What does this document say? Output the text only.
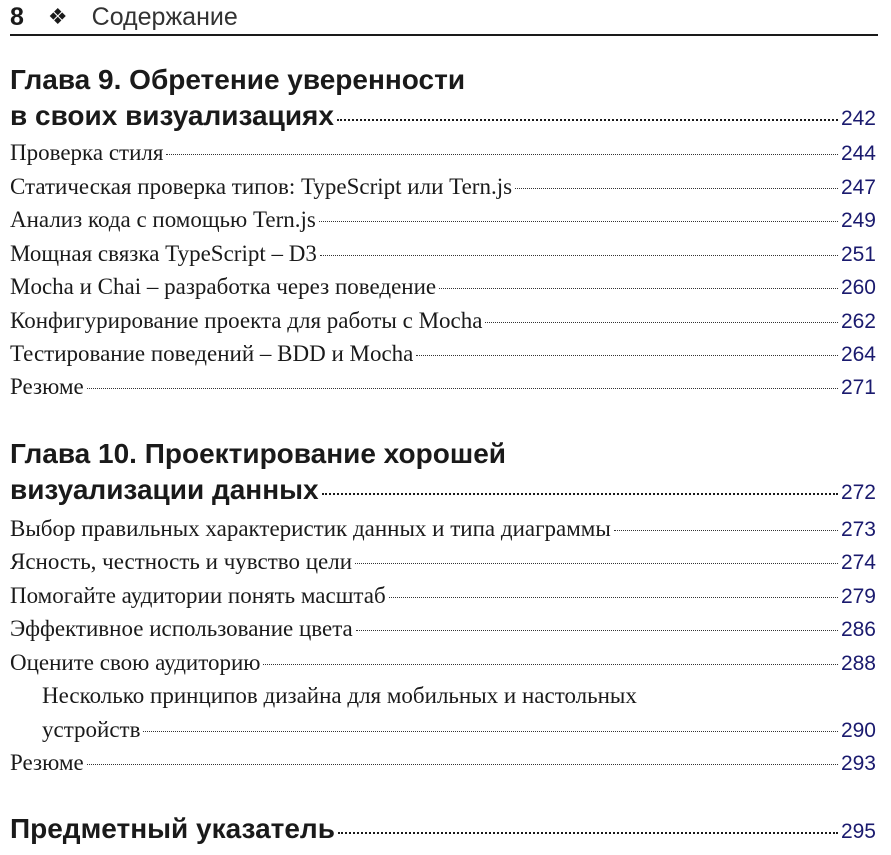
8 ❖ Содержание
Глава 9. Обретение уверенности
в своих визуализациях	242
Проверка стиля	244
Статическая проверка типов: TypeScript или Tern.js	247
Анализ кода с помощью Tern.js	249
Мощная связка TypeScript – D3	251
Mocha и Chai – разработка через поведение	260
Конфигурирование проекта для работы с Mocha	262
Тестирование поведений – BDD и Mocha	264
Резюме	271
Глава 10. Проектирование хорошей
визуализации данных	272
Выбор правильных характеристик данных и типа диаграммы	273
Ясность, честность и чувство цели	274
Помогайте аудитории понять масштаб	279
Эффективное использование цвета	286
Оцените свою аудиторию	288
Несколько принципов дизайна для мобильных и настольных
устройств	290
Резюме	293
Предметный указатель	295
